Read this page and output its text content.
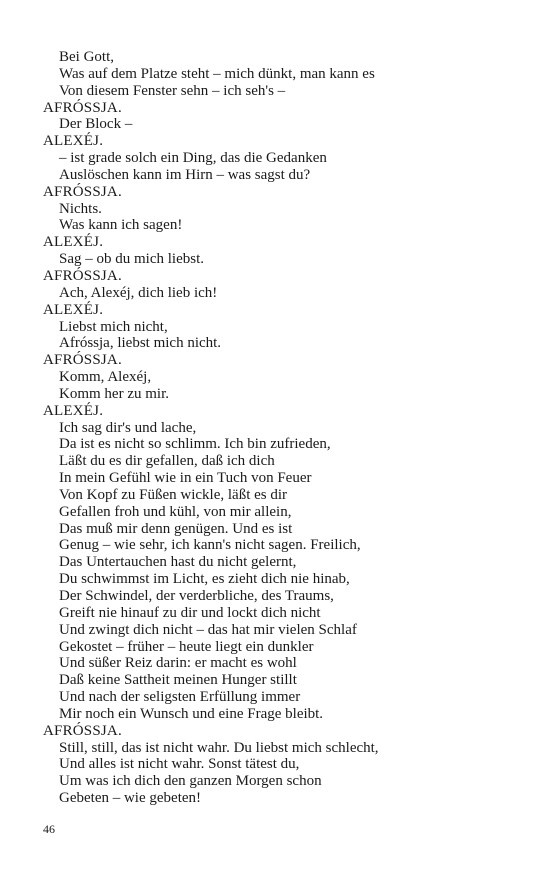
Bei Gott,
Was auf dem Platze steht – mich dünkt, man kann es
Von diesem Fenster sehn – ich seh's –
AFRÓSSJA.
Der Block –
ALEXÉJ.
– ist grade solch ein Ding, das die Gedanken
Auslöschen kann im Hirn – was sagst du?
AFRÓSSJA.
Nichts.
Was kann ich sagen!
ALEXÉJ.
Sag – ob du mich liebst.
AFRÓSSJA.
Ach, Alexéj, dich lieb ich!
ALEXÉJ.
Liebst mich nicht,
Afróssja, liebst mich nicht.
AFRÓSSJA.
Komm, Alexéj,
Komm her zu mir.
ALEXÉJ.
Ich sag dir's und lache,
Da ist es nicht so schlimm. Ich bin zufrieden,
Läßt du es dir gefallen, daß ich dich
In mein Gefühl wie in ein Tuch von Feuer
Von Kopf zu Füßen wickle, läßt es dir
Gefallen froh und kühl, von mir allein,
Das muß mir denn genügen. Und es ist
Genug – wie sehr, ich kann's nicht sagen. Freilich,
Das Untertauchen hast du nicht gelernt,
Du schwimmst im Licht, es zieht dich nie hinab,
Der Schwindel, der verderbliche, des Traums,
Greift nie hinauf zu dir und lockt dich nicht
Und zwingt dich nicht – das hat mir vielen Schlaf
Gekostet – früher – heute liegt ein dunkler
Und süßer Reiz darin: er macht es wohl
Daß keine Sattheit meinen Hunger stillt
Und nach der seligsten Erfüllung immer
Mir noch ein Wunsch und eine Frage bleibt.
AFRÓSSJA.
Still, still, das ist nicht wahr. Du liebst mich schlecht,
Und alles ist nicht wahr. Sonst tätest du,
Um was ich dich den ganzen Morgen schon
Gebeten – wie gebeten!
46
